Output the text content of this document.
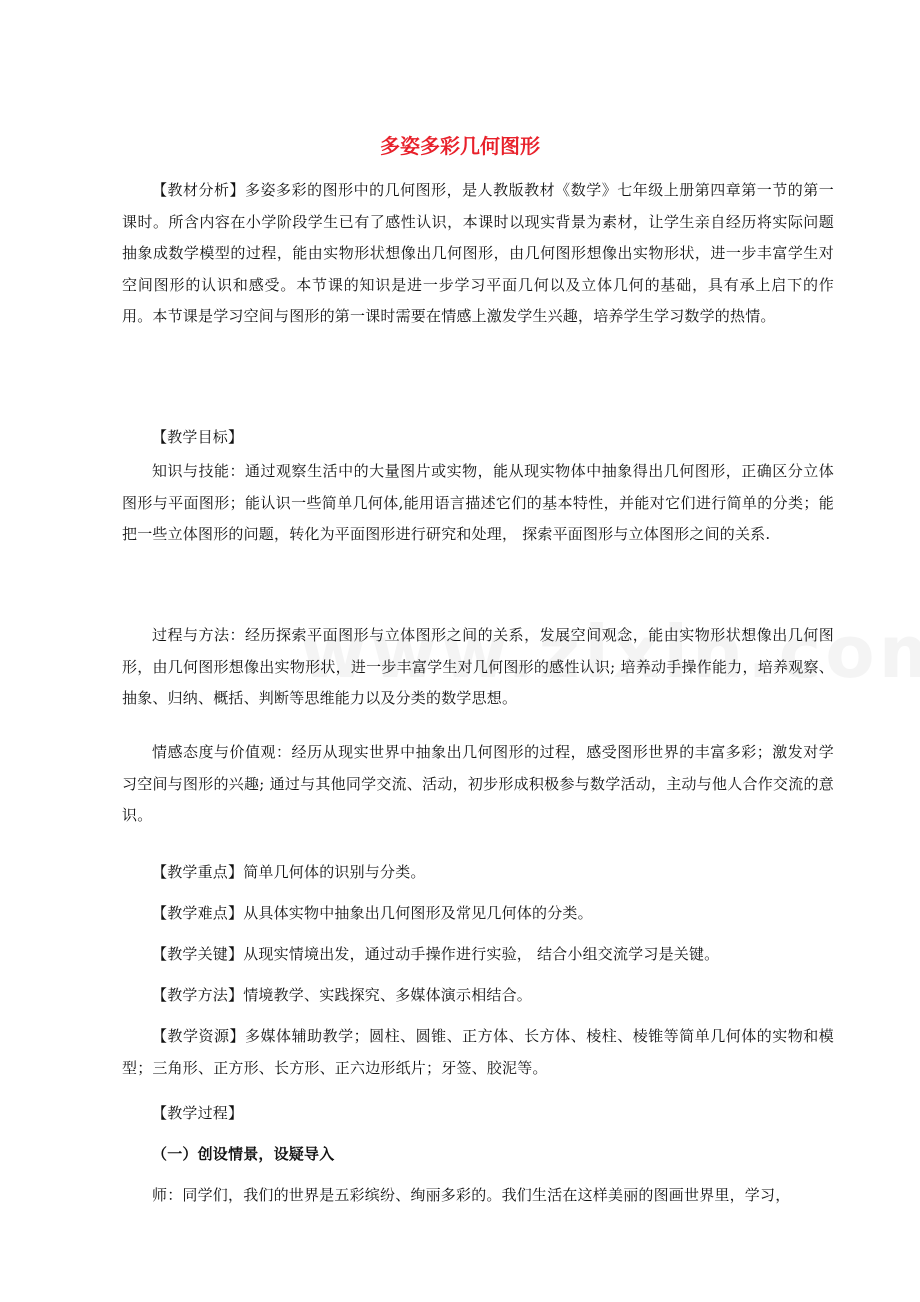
多姿多彩几何图形

【教材分析】多姿多彩的图形中的几何图形，是人教版教材《数学》七年级上册第四章第一节的第一课时。所含内容在小学阶段学生已有了感性认识，本课时以现实背景为素材，让学生亲自经历将实际问题抽象成数学模型的过程，能由实物形状想像出几何图形，由几何图形想像出实物形状，进一步丰富学生对空间图形的认识和感受。本节课的知识是进一步学习平面几何以及立体几何的基础，具有承上启下的作用。本节课是学习空间与图形的第一课时需要在情感上激发学生兴趣，培养学生学习数学的热情。

【教学目标】

知识与技能：通过观察生活中的大量图片或实物，能从现实物体中抽象得出几何图形，正确区分立体图形与平面图形；能认识一些简单几何体,能用语言描述它们的基本特性，并能对它们进行简单的分类；能把一些立体图形的问题，转化为平面图形进行研究和处理， 探索平面图形与立体图形之间的关系.

过程与方法：经历探索平面图形与立体图形之间的关系，发展空间观念，能由实物形状想像出几何图形，由几何图形想像出实物形状，进一步丰富学生对几何图形的感性认识; 培养动手操作能力，培养观察、抽象、归纳、概括、判断等思维能力以及分类的数学思想。

情感态度与价值观：经历从现实世界中抽象出几何图形的过程，感受图形世界的丰富多彩；激发对学习空间与图形的兴趣; 通过与其他同学交流、活动，初步形成积极参与数学活动，主动与他人合作交流的意识。

【教学重点】简单几何体的识别与分类。

【教学难点】从具体实物中抽象出几何图形及常见几何体的分类。

【教学关键】从现实情境出发，通过动手操作进行实验， 结合小组交流学习是关键。

【教学方法】情境教学、实践探究、多媒体演示相结合。

【教学资源】多媒体辅助教学；圆柱、圆锥、正方体、长方体、棱柱、棱锥等简单几何体的实物和模型；三角形、正方形、长方形、正六边形纸片；牙签、胶泥等。

【教学过程】

（一）创设情景，设疑导入

师：同学们，我们的世界是五彩缤纷、绚丽多彩的。我们生活在这样美丽的图画世界里，学习，
